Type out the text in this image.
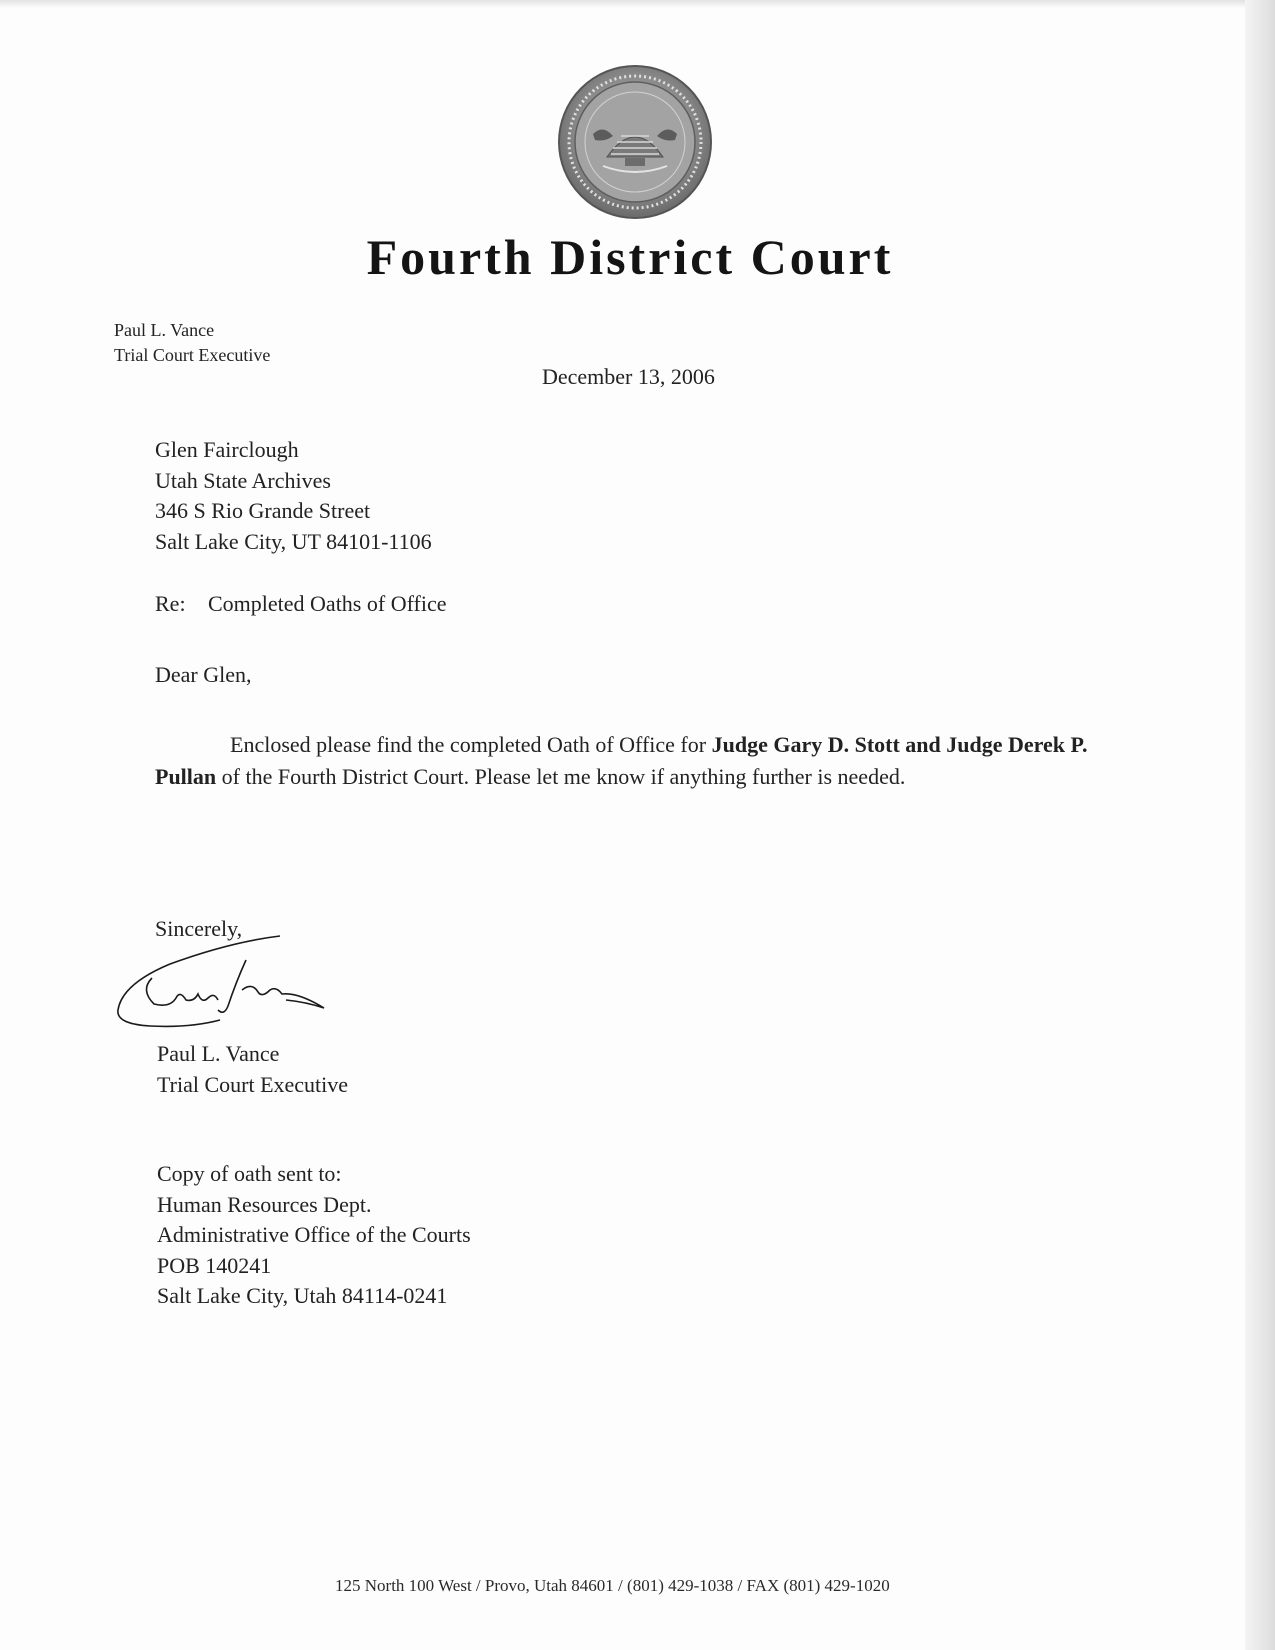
Fourth District Court
Paul L. Vance
Trial Court Executive
December 13, 2006
Glen Fairclough
Utah State Archives
346 S Rio Grande Street
Salt Lake City, UT 84101-1106
Re: Completed Oaths of Office
Dear Glen,
Enclosed please find the completed Oath of Office for Judge Gary D. Stott and Judge Derek P. Pullan of the Fourth District Court. Please let me know if anything further is needed.
Sincerely,
Paul L. Vance
Trial Court Executive
Copy of oath sent to:
Human Resources Dept.
Administrative Office of the Courts
POB 140241
Salt Lake City, Utah 84114-0241
125 North 100 West / Provo, Utah 84601 / (801) 429-1038 / FAX (801) 429-1020
